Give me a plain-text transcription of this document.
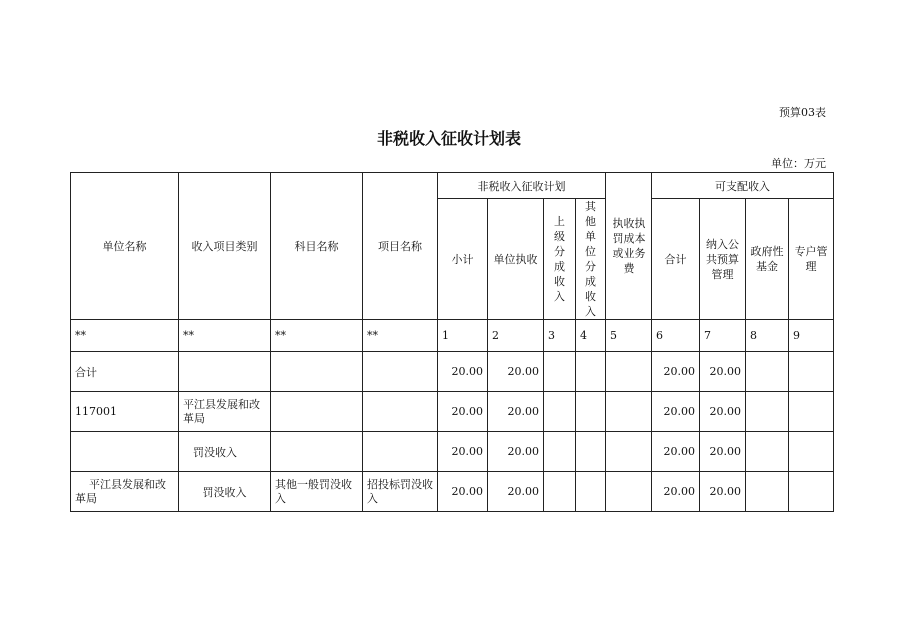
预算03表
非税收入征收计划表
单位：万元
单位名称	收入项目类别	科目名称	项目名称	非税收入征收计划				执收执罚成本或业务费	可支配收入			
				小计	单位执收	上级分成收入	其他单位分成收入		合计	纳入公共预算管理	政府性基金	专户管理

**	**	**	**	1	2	3	4	5	6	7	8	9
合计				20.00	20.00				20.00	20.00		
117001	平江县发展和改革局			20.00	20.00				20.00	20.00		
	罚没收入			20.00	20.00				20.00	20.00		
平江县发展和改革局	罚没收入	其他一般罚没收入	招投标罚没收入	20.00	20.00				20.00	20.00		
